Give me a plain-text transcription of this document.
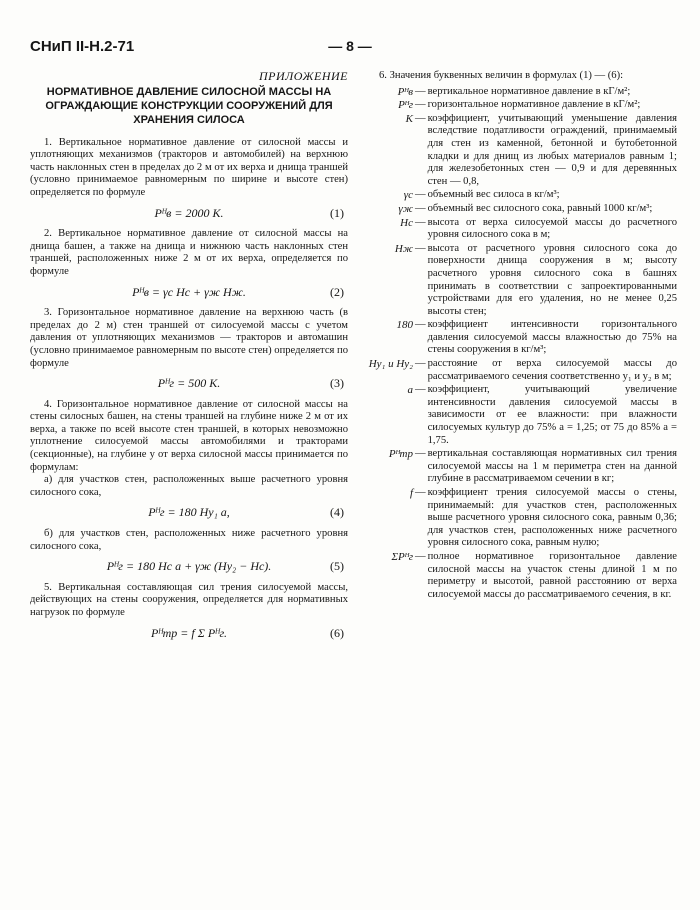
СНиП II-Н.2-71	— 8 —
ПРИЛОЖЕНИЕ
НОРМАТИВНОЕ ДАВЛЕНИЕ СИЛОСНОЙ МАССЫ НА ОГРАЖДАЮЩИЕ КОНСТРУКЦИИ СООРУЖЕНИЙ ДЛЯ ХРАНЕНИЯ СИЛОСА

1. Вертикальное нормативное давление от силосной массы и уплотняющих механизмов (тракторов и автомобилей) на верхнюю часть наклонных стен в пределах до 2 м от их верха и днища траншей (условно принимаемое равномерным по ширине и высоте стен) определяется по формуле

Pᴴв = 2000 K.	(1)

2. Вертикальное нормативное давление от силосной массы на днища башен, а также на днища и нижнюю часть наклонных стен траншей, расположенных ниже 2 м от их верха, определяется по формуле

Pᴴв = γс Hс + γж Hж.	(2)

3. Горизонтальное нормативное давление на верхнюю часть (в пределах до 2 м) стен траншей от силосуемой массы с учетом давления от уплотняющих механизмов — тракторов и автомашин (условно принимаемое равномерным по высоте стен) определяется по формуле

Pᴴг = 500 K.	(3)

4. Горизонтальное нормативное давление от силосной массы на стены силосных башен, на стены траншей на глубине ниже 2 м от их верха, а также по всей высоте стен траншей, в которых невозможно уплотнение силосуемой массы автомобилями и тракторами (секционные), на глубине y от верха силосной массы принимается по формулам:

а) для участков стен, расположенных выше расчетного уровня силосного сока,

Pᴴг = 180 Hу₁ a,	(4)

б) для участков стен, расположенных ниже расчетного уровня силосного сока,

Pᴴг = 180 Hс a + γж (Hу₂ − Hс).	(5)

5. Вертикальная составляющая сил трения силосуемой массы, действующих на стены сооружения, определяется для нормативных нагрузок по формуле

Pᴴтр = f Σ Pᴴг.	(6)

6. Значения буквенных величин в формулах (1) — (6):

Pᴴв — вертикальное нормативное давление в кГ/м²;
Pᴴг — горизонтальное нормативное давление в кГ/м²;
K — коэффициент, учитывающий уменьшение давления вследствие податливости ограждений, принимаемый для стен из каменной, бетонной и бутобетонной кладки и для днищ из любых материалов равным 1; для железобетонных стен — 0,9 и для деревянных стен — 0,8,
γс — объемный вес силоса в кг/м³;
γж — объемный вес силосного сока, равный 1000 кг/м³;
Hс — высота от верха силосуемой массы до расчетного уровня силосного сока в м;
Hж — высота от расчетного уровня силосного сока до поверхности днища сооружения в м; высоту расчетного уровня силосного сока в башнях принимать в соответствии с запроектированными устройствами для его удаления, но не менее 0,25 высоты стен;
180 — коэффициент интенсивности горизонтального давления силосуемой массы влажностью до 75% на стены сооружения в кг/м³;
Hу₁ и Hу₂ — расстояние от верха силосуемой массы до рассматриваемого сечения соответственно y₁ и y₂ в м;
a — коэффициент, учитывающий увеличение интенсивности давления силосуемой массы в зависимости от ее влажности: при влажности силосуемых культур до 75% a = 1,25; от 75 до 85% a = 1,75.
Pᴴтр — вертикальная составляющая нормативных сил трения силосуемой массы на 1 м периметра стен на данной глубине в рассматриваемом сечении в кг;
f — коэффициент трения силосуемой массы о стены, принимаемый: для участков стен, расположенных выше расчетного уровня силосного сока, равным 0,36; для участков стен, расположенных ниже расчетного уровня силосного сока, равным нулю;
ΣPᴴг — полное нормативное горизонтальное давление силосной массы на участок стены длиной 1 м по периметру и высотой, равной расстоянию от верха силосуемой массы до рассматриваемого сечения, в кг.
